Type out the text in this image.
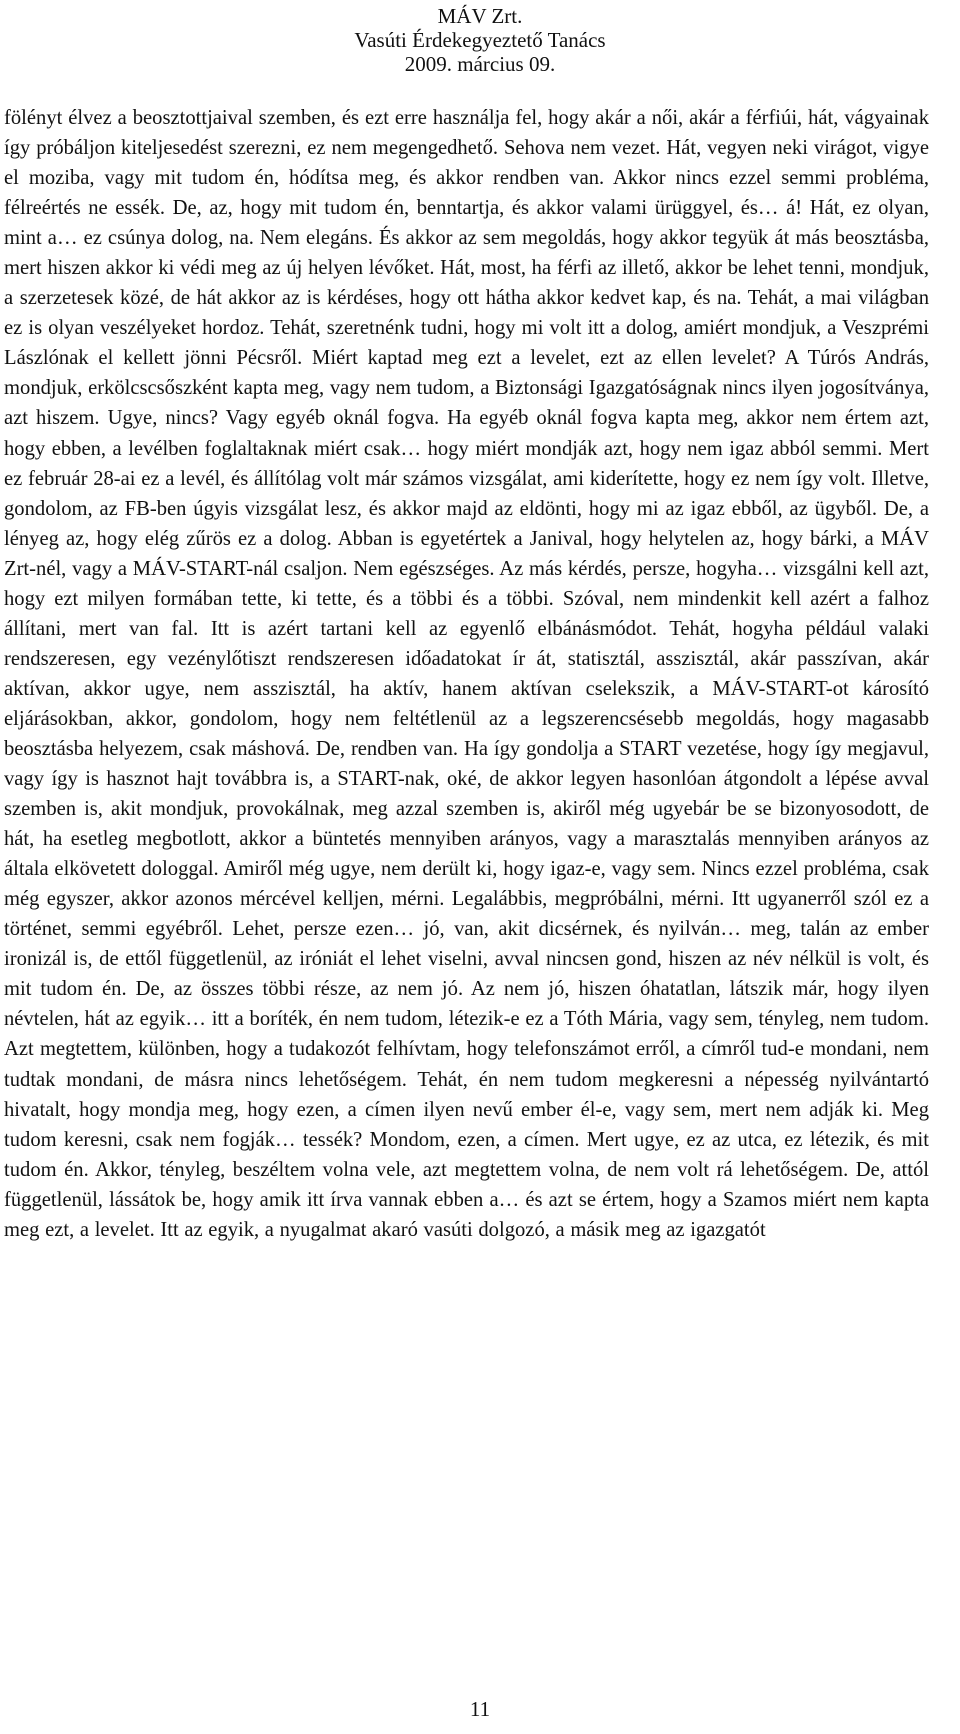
MÁV Zrt.
Vasúti Érdekegyeztető Tanács
2009. március 09.
fölényt élvez a beosztottjaival szemben, és ezt erre használja fel, hogy akár a női, akár a férfiúi, hát, vágyainak így próbáljon kiteljesedést szerezni, ez nem megengedhető. Sehova nem vezet. Hát, vegyen neki virágot, vigye el moziba, vagy mit tudom én, hódítsa meg, és akkor rendben van. Akkor nincs ezzel semmi probléma, félreértés ne essék. De, az, hogy mit tudom én, benntartja, és akkor valami ürüggyel, és… á! Hát, ez olyan, mint a… ez csúnya dolog, na. Nem elegáns. És akkor az sem megoldás, hogy akkor tegyük át más beosztásba, mert hiszen akkor ki védi meg az új helyen lévőket. Hát, most, ha férfi az illető, akkor be lehet tenni, mondjuk, a szerzetesek közé, de hát akkor az is kérdéses, hogy ott hátha akkor kedvet kap, és na. Tehát, a mai világban ez is olyan veszélyeket hordoz. Tehát, szeretnénk tudni, hogy mi volt itt a dolog, amiért mondjuk, a Veszprémi Lászlónak el kellett jönni Pécsről. Miért kaptad meg ezt a levelet, ezt az ellen levelet? A Túrós András, mondjuk, erkölcscsőszként kapta meg, vagy nem tudom, a Biztonsági Igazgatóságnak nincs ilyen jogosítványa, azt hiszem. Ugye, nincs? Vagy egyéb oknál fogva. Ha egyéb oknál fogva kapta meg, akkor nem értem azt, hogy ebben, a levélben foglaltaknak miért csak… hogy miért mondják azt, hogy nem igaz abból semmi. Mert ez február 28-ai ez a levél, és állítólag volt már számos vizsgálat, ami kiderítette, hogy ez nem így volt. Illetve, gondolom, az FB-ben úgyis vizsgálat lesz, és akkor majd az eldönti, hogy mi az igaz ebből, az ügyből. De, a lényeg az, hogy elég zűrös ez a dolog. Abban is egyetértek a Janival, hogy helytelen az, hogy bárki, a MÁV Zrt-nél, vagy a MÁV-START-nál csaljon. Nem egészséges. Az más kérdés, persze, hogyha… vizsgálni kell azt, hogy ezt milyen formában tette, ki tette, és a többi és a többi. Szóval, nem mindenkit kell azért a falhoz állítani, mert van fal. Itt is azért tartani kell az egyenlő elbánásmódot. Tehát, hogyha például valaki rendszeresen, egy vezénylőtiszt rendszeresen időadatokat ír át, statisztál, asszisztál, akár passzívan, akár aktívan, akkor ugye, nem asszisztál, ha aktív, hanem aktívan cselekszik, a MÁV-START-ot károsító eljárásokban, akkor, gondolom, hogy nem feltétlenül az a legszerencsésebb megoldás, hogy magasabb beosztásba helyezem, csak máshová. De, rendben van. Ha így gondolja a START vezetése, hogy így megjavul, vagy így is hasznot hajt továbbra is, a START-nak, oké, de akkor legyen hasonlóan átgondolt a lépése avval szemben is, akit mondjuk, provokálnak, meg azzal szemben is, akiről még ugyebár be se bizonyosodott, de hát, ha esetleg megbotlott, akkor a büntetés mennyiben arányos, vagy a marasztalás mennyiben arányos az általa elkövetett dologgal. Amiről még ugye, nem derült ki, hogy igaz-e, vagy sem. Nincs ezzel probléma, csak még egyszer, akkor azonos mércével kelljen, mérni. Legalábbis, megpróbálni, mérni. Itt ugyanerről szól ez a történet, semmi egyébről. Lehet, persze ezen… jó, van, akit dicsérnek, és nyilván… meg, talán az ember ironizál is, de ettől függetlenül, az iróniát el lehet viselni, avval nincsen gond, hiszen az név nélkül is volt, és mit tudom én. De, az összes többi része, az nem jó. Az nem jó, hiszen óhatatlan, látszik már, hogy ilyen névtelen, hát az egyik… itt a boríték, én nem tudom, létezik-e ez a Tóth Mária, vagy sem, tényleg, nem tudom. Azt megtettem, különben, hogy a tudakozót felhívtam, hogy telefonszámot erről, a címről tud-e mondani, nem tudtak mondani, de másra nincs lehetőségem. Tehát, én nem tudom megkeresni a népesség nyilvántartó hivatalt, hogy mondja meg, hogy ezen, a címen ilyen nevű ember él-e, vagy sem, mert nem adják ki. Meg tudom keresni, csak nem fogják… tessék? Mondom, ezen, a címen. Mert ugye, ez az utca, ez létezik, és mit tudom én. Akkor, tényleg, beszéltem volna vele, azt megtettem volna, de nem volt rá lehetőségem. De, attól függetlenül, lássátok be, hogy amik itt írva vannak ebben a… és azt se értem, hogy a Szamos miért nem kapta meg ezt, a levelet. Itt az egyik, a nyugalmat akaró vasúti dolgozó, a másik meg az igazgatót
11
